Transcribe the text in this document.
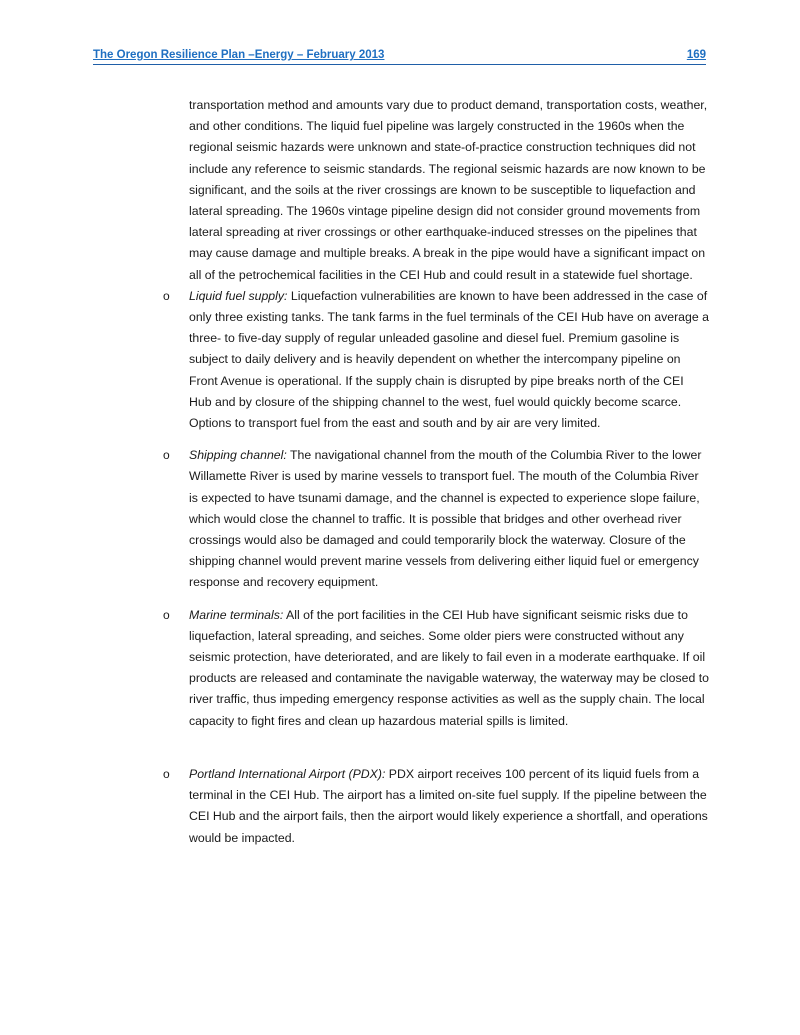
The Oregon Resilience Plan –Energy – February 2013	169

transportation method and amounts vary due to product demand, transportation costs, weather, and other conditions. The liquid fuel pipeline was largely constructed in the 1960s when the regional seismic hazards were unknown and state-of-practice construction techniques did not include any reference to seismic standards. The regional seismic hazards are now known to be significant, and the soils at the river crossings are known to be susceptible to liquefaction and lateral spreading. The 1960s vintage pipeline design did not consider ground movements from lateral spreading at river crossings or other earthquake-induced stresses on the pipelines that may cause damage and multiple breaks. A break in the pipe would have a significant impact on all of the petrochemical facilities in the CEI Hub and could result in a statewide fuel shortage.

o Liquid fuel supply: Liquefaction vulnerabilities are known to have been addressed in the case of only three existing tanks. The tank farms in the fuel terminals of the CEI Hub have on average a three- to five-day supply of regular unleaded gasoline and diesel fuel. Premium gasoline is subject to daily delivery and is heavily dependent on whether the intercompany pipeline on Front Avenue is operational. If the supply chain is disrupted by pipe breaks north of the CEI Hub and by closure of the shipping channel to the west, fuel would quickly become scarce. Options to transport fuel from the east and south and by air are very limited.

o Shipping channel: The navigational channel from the mouth of the Columbia River to the lower Willamette River is used by marine vessels to transport fuel. The mouth of the Columbia River is expected to have tsunami damage, and the channel is expected to experience slope failure, which would close the channel to traffic. It is possible that bridges and other overhead river crossings would also be damaged and could temporarily block the waterway. Closure of the shipping channel would prevent marine vessels from delivering either liquid fuel or emergency response and recovery equipment.

o Marine terminals: All of the port facilities in the CEI Hub have significant seismic risks due to liquefaction, lateral spreading, and seiches. Some older piers were constructed without any seismic protection, have deteriorated, and are likely to fail even in a moderate earthquake. If oil products are released and contaminate the navigable waterway, the waterway may be closed to river traffic, thus impeding emergency response activities as well as the supply chain. The local capacity to fight fires and clean up hazardous material spills is limited.

o Portland International Airport (PDX): PDX airport receives 100 percent of its liquid fuels from a terminal in the CEI Hub. The airport has a limited on-site fuel supply. If the pipeline between the CEI Hub and the airport fails, then the airport would likely experience a shortfall, and operations would be impacted.
